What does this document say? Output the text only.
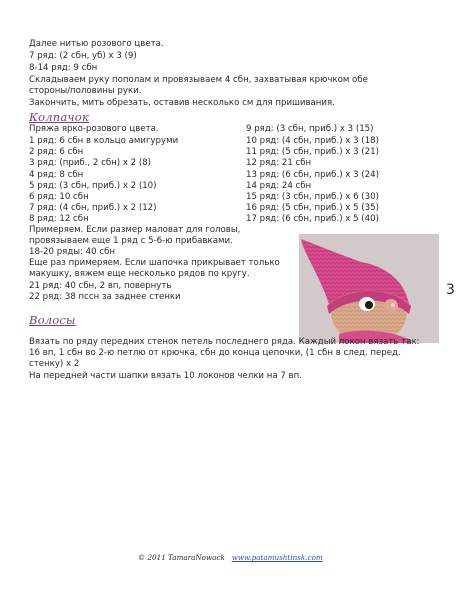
Далее нитью розового цвета.
7 ряд: (2 сбн, уб) x 3 (9)
8-14 ряд: 9 сбн
Складываем руку пополам и провязываем 4 сбн, захватывая крючком обе
стороны/половины руки.
Закончить, мить обрезать, оставив несколько см для пришивания.
Колпачок
Пряжа ярко-розового цвета.
1 ряд: 6 сбн в кольцо амигуруми
2 ряд: 6 сбн
3 ряд: (приб., 2 сбн) x 2 (8)
4 ряд: 8 сбн
5 ряд: (3 сбн, приб.) x 2 (10)
6 ряд: 10 сбн
7 ряд: (4 сбн, приб.) x 2 (12)
8 ряд: 12 сбн
Примеряем. Если размер маловат для головы,
провязываем еще 1 ряд с 5-6-ю прибавками.
18-20 ряды: 40 сбн
Еще раз примеряем. Если шапочка прикрывает только
макушку, вяжем еще несколько рядов по кругу.
21 ряд: 40 сбн, 2 вп, повернуть
22 ряд: 38 пссн за заднее стенки
9 ряд: (3 сбн, приб.) x 3 (15)
10 ряд: (4 сбн, приб.) x 3 (18)
11 ряд: (5 сбн, приб.) x 3 (21)
12 ряд: 21 сбн
13 ряд: (6 сбн, приб.) x 3 (24)
14 ряд: 24 сбн
15 ряд: (3 сбн, приб.) x 6 (30)
16 ряд: (5 сбн, приб.) x 5 (35)
17 ряд: (6 сбн, приб.) x 5 (40)
3
Волосы
Вязать по ряду передних стенок петель последнего ряда. Каждый локон вязать так:
16 вп, 1 сбн во 2-ю петлю от крючка, сбн до конца цепочки, (1 сбн в след. перед.
стенку) x 2
На передней части шапки вязать 10 локонов челки на 7 вп.
© 2011 TamaraNowack www.patamushtinsk.com
